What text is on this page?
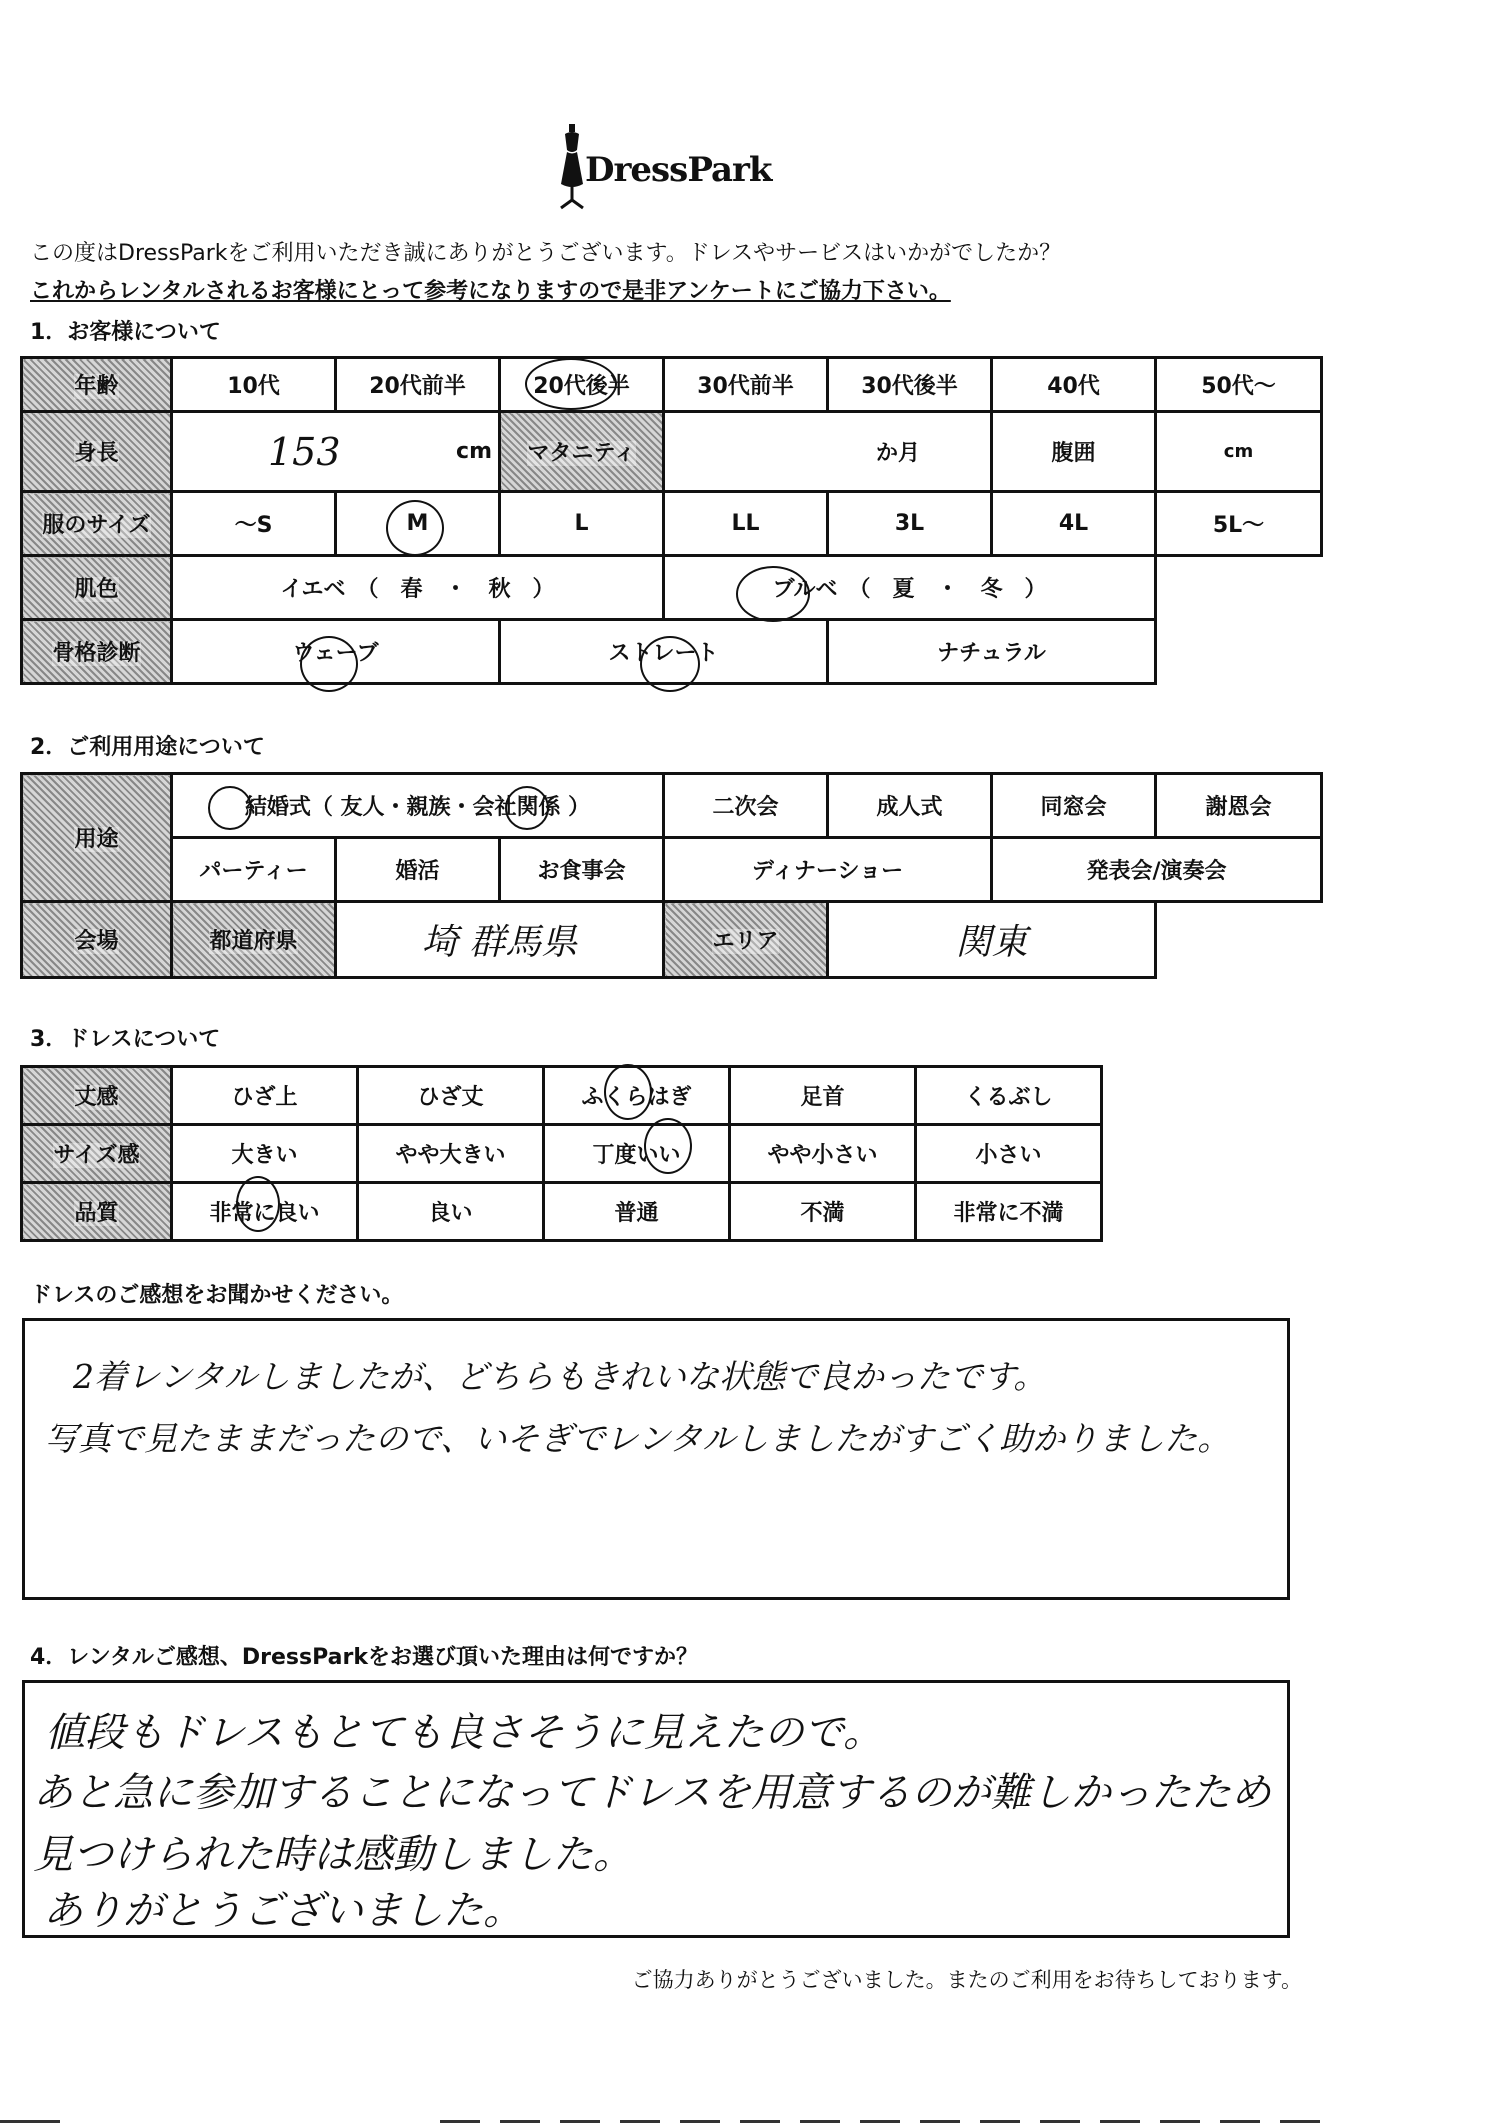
DressPark
この度はDressParkをご利用いただき誠にありがとうございます。ドレスやサービスはいかがでしたか？
これからレンタルされるお客様にとって参考になりますので是非アンケートにご協力下さい。
1．お客様について
年齢	10代	20代前半	20代後半	30代前半	30代後半	40代	50代～
身長	153 cm		マタニティ	か月		腹囲	cm
服のサイズ	～S	M	L	LL	3L	4L	5L～
肌色	イエベ　（　春　・　秋　）			ブルベ　（　夏　・　冬　）			
骨格診断	ウェーブ		ストレート		ナチュラル		
2．ご利用用途について
用途	結婚式（ 友人・親族・会社関係 ）			二次会	成人式	同窓会	謝恩会
	パーティー	婚活	お食事会	ディナーショー		発表会/演奏会	
会場	都道府県	埼 群馬県		エリア	関東		
3．ドレスについて
丈感	ひざ上	ひざ丈	ふくらはぎ	足首	くるぶし
サイズ感	大きい	やや大きい	丁度いい	やや小さい	小さい
品質	非常に良い	良い	普通	不満	非常に不満
ドレスのご感想をお聞かせください。
2着レンタルしましたが、どちらもきれいな状態で良かったです。
写真で見たままだったので、いそぎでレンタルしましたがすごく助かりました。
4．レンタルご感想、DressParkをお選び頂いた理由は何ですか？
値段もドレスもとても良さそうに見えたので。
あと急に参加することになってドレスを用意するのが難しかったため
見つけられた時は感動しました。
ありがとうございました。
ご協力ありがとうございました。またのご利用をお待ちしております。
